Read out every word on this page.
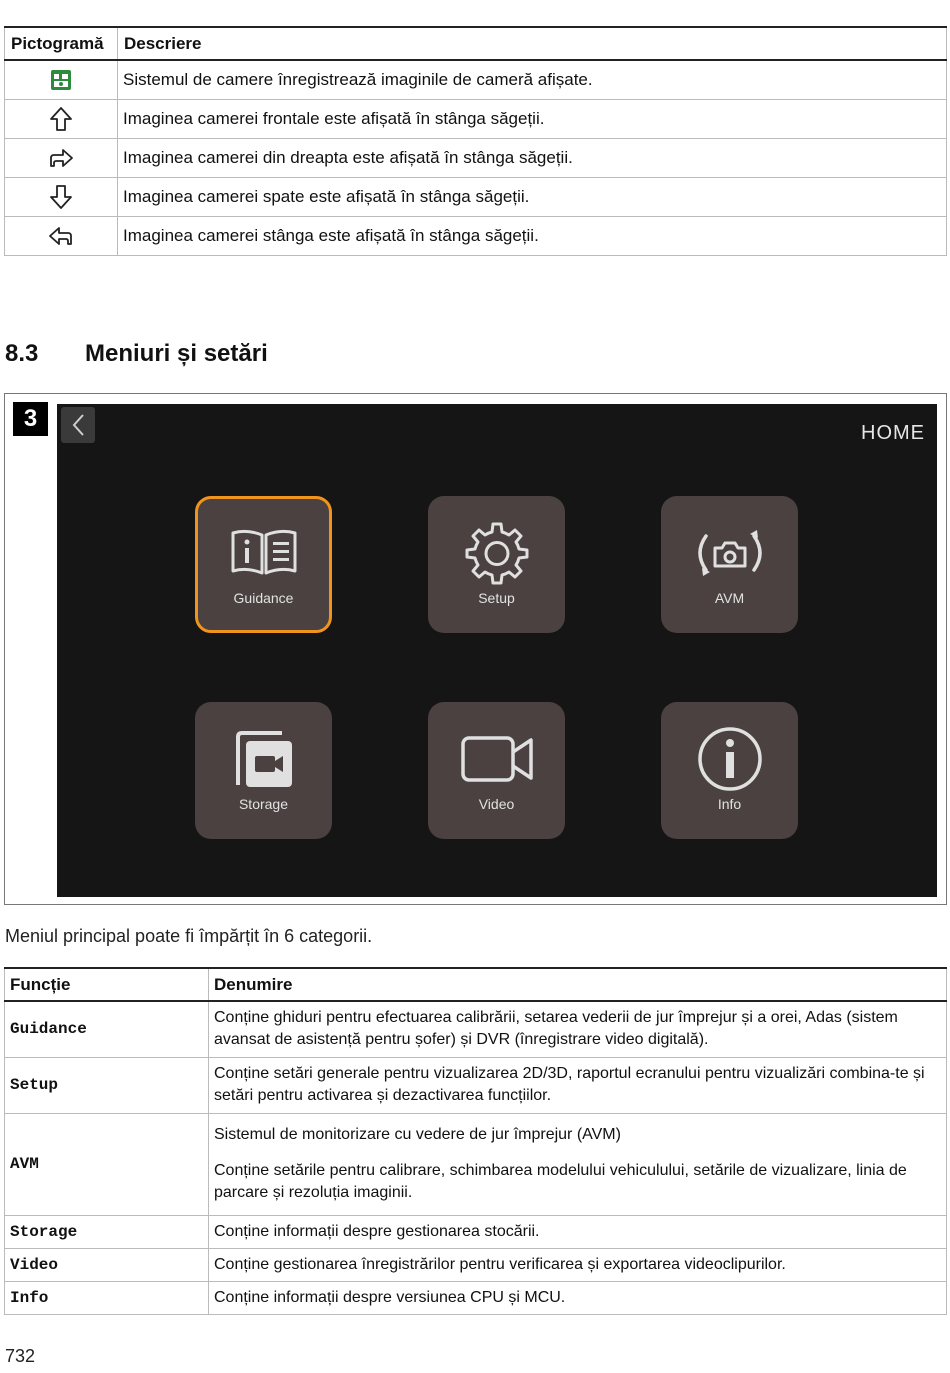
Pictogramă	Descriere
	Sistemul de camere înregistrează imaginile de cameră afișate.
	Imaginea camerei frontale este afișată în stânga săgeții.
	Imaginea camerei din dreapta este afișată în stânga săgeții.
	Imaginea camerei spate este afișată în stânga săgeții.
	Imaginea camerei stânga este afișată în stânga săgeții.
8.3 Meniuri și setări
3
HOME
Guidance	Setup	AVM
Storage	Video	Info
Meniul principal poate fi împărțit în 6 categorii.
Funcție	Denumire
Guidance	Conține ghiduri pentru efectuarea calibrării, setarea vederii de jur împrejur și a orei, Adas (sistem avansat de asistență pentru șofer) și DVR (înregistrare video digitală).
Setup	Conține setări generale pentru vizualizarea 2D/3D, raportul ecranului pentru vizualizări combina-te și setări pentru activarea și dezactivarea funcțiilor.
AVM	Sistemul de monitorizare cu vedere de jur împrejur (AVM)
Conține setările pentru calibrare, schimbarea modelului vehiculului, setările de vizualizare, linia de parcare și rezoluția imaginii.

Storage	Conține informații despre gestionarea stocării.
Video	Conține gestionarea înregistrărilor pentru verificarea și exportarea videoclipurilor.
Info	Conține informații despre versiunea CPU și MCU.
732
